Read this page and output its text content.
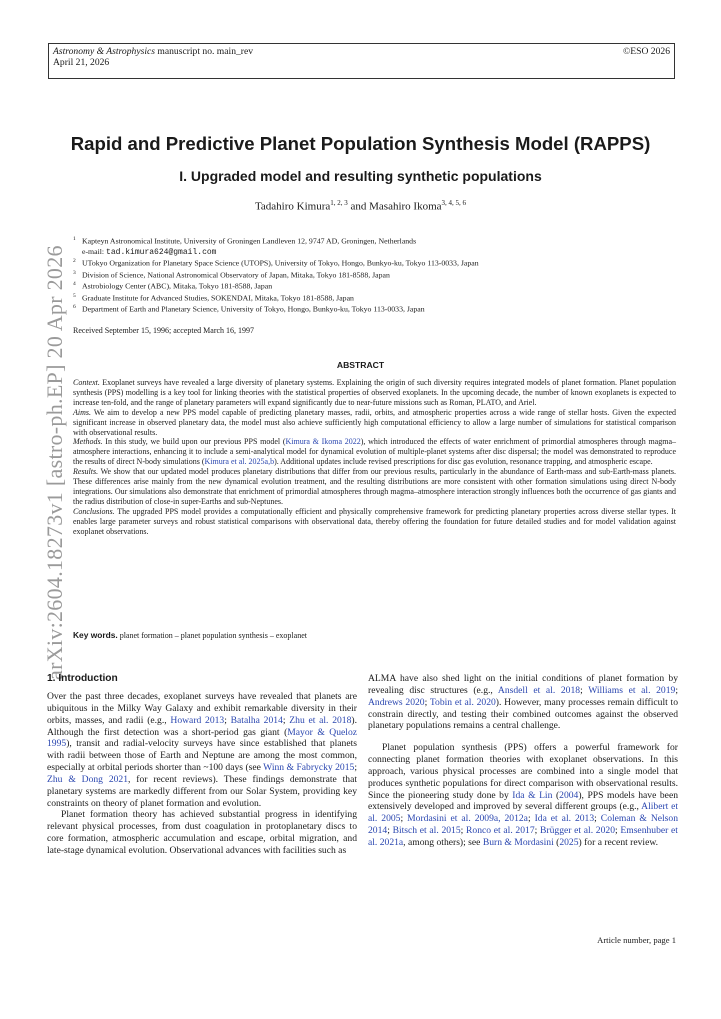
Astronomy & Astrophysics manuscript no. main_rev	©ESO 2026
April 21, 2026
arXiv:2604.18273v1 [astro-ph.EP] 20 Apr 2026
Rapid and Predictive Planet Population Synthesis Model (RAPPS)
I. Upgraded model and resulting synthetic populations
Tadahiro Kimura$^{1, 2, 3}$ and Masahiro Ikoma$^{3, 4, 5, 6}$
$^1$ Kapteyn Astronomical Institute, University of Groningen Landleven 12, 9747 AD, Groningen, Netherlands
e-mail: tad.kimura624@gmail.com
$^2$ UTokyo Organization for Planetary Space Science (UTOPS), University of Tokyo, Hongo, Bunkyo-ku, Tokyo 113-0033, Japan
$^3$ Division of Science, National Astronomical Observatory of Japan, Mitaka, Tokyo 181-8588, Japan
$^4$ Astrobiology Center (ABC), Mitaka, Tokyo 181-8588, Japan
$^5$ Graduate Institute for Advanced Studies, SOKENDAI, Mitaka, Tokyo 181-8588, Japan
$^6$ Department of Earth and Planetary Science, University of Tokyo, Hongo, Bunkyo-ku, Tokyo 113-0033, Japan
Received September 15, 1996; accepted March 16, 1997
ABSTRACT

Context. Exoplanet surveys have revealed a large diversity of planetary systems. Explaining the origin of such diversity requires integrated models of planet formation. Planet population synthesis (PPS) modelling is a key tool for linking theories with the statistical properties of observed exoplanets. In the upcoming decade, the number of known exoplanets is expected to increase ten-fold, and the range of planetary parameters will expand significantly due to near-future missions such as Roman, PLATO, and Ariel.

Aims. We aim to develop a new PPS model capable of predicting planetary masses, radii, orbits, and atmospheric properties across a wide range of stellar hosts. Given the expected significant increase in observed planetary data, the model must also achieve sufficiently high computational efficiency to allow a large number of simulations for statistical comparison with observational results.

Methods. In this study, we build upon our previous PPS model (Kimura & Ikoma 2022), which introduced the effects of water enrichment of primordial atmospheres through magma–atmosphere interactions, enhancing it to include a semi-analytical model for dynamical evolution of multiple-planet systems after disc dispersal; the model was demonstrated to reproduce the results of direct N-body simulations (Kimura et al. 2025a,b). Additional updates include revised prescriptions for disc gas evolution, resonance trapping, and atmospheric escape.

Results. We show that our updated model produces planetary distributions that differ from our previous results, particularly in the abundance of Earth-mass and sub-Earth-mass planets. These differences arise mainly from the new dynamical evolution treatment, and the resulting distributions are more consistent with other formation simulations using direct N-body integrations. Our simulations also demonstrate that enrichment of primordial atmospheres through magma–atmosphere interaction strongly influences both the occurrence of gas giants and the radius distribution of close-in super-Earths and sub-Neptunes.

Conclusions. The upgraded PPS model provides a computationally efficient and physically comprehensive framework for predicting planetary properties across diverse stellar types. It enables large parameter surveys and robust statistical comparisons with observational data, thereby offering the foundation for future detailed studies and for model validation against exoplanet observations.

Key words. planet formation – planet population synthesis – exoplanet
1. Introduction

Over the past three decades, exoplanet surveys have revealed that planets are ubiquitous in the Milky Way Galaxy and exhibit remarkable diversity in their orbits, masses, and radii (e.g., Howard 2013; Batalha 2014; Zhu et al. 2018). Although the first detection was a short-period gas giant (Mayor & Queloz 1995), transit and radial-velocity surveys have since established that planets with radii between those of Earth and Neptune are among the most common, especially at orbital periods shorter than ~100 days (see Winn & Fabrycky 2015; Zhu & Dong 2021, for recent reviews). These findings demonstrate that planetary systems are markedly different from our Solar System, providing key constraints on theory of planet formation and evolution.

Planet formation theory has achieved substantial progress in identifying relevant physical processes, from dust coagulation in protoplanetary discs to core formation, atmospheric accumulation and escape, orbital migration, and late-stage dynamical evolution. Observational advances with facilities such as

ALMA have also shed light on the initial conditions of planet formation by revealing disc structures (e.g., Ansdell et al. 2018; Williams et al. 2019; Andrews 2020; Tobin et al. 2020). However, many processes remain difficult to constrain directly, and testing their combined outcomes against the observed planetary populations remains a central challenge.

Planet population synthesis (PPS) offers a powerful framework for connecting planet formation theories with exoplanet observations. In this approach, various physical processes are combined into a single model that produces synthetic populations for direct comparison with observational results. Since the pioneering study done by Ida & Lin (2004), PPS models have been extensively developed and improved by several different groups (e.g., Alibert et al. 2005; Mordasini et al. 2009a, 2012a; Ida et al. 2013; Coleman & Nelson 2014; Bitsch et al. 2015; Ronco et al. 2017; Brügger et al. 2020; Emsenhuber et al. 2021a, among others); see Burn & Mordasini (2025) for a recent review.

Article number, page 1
